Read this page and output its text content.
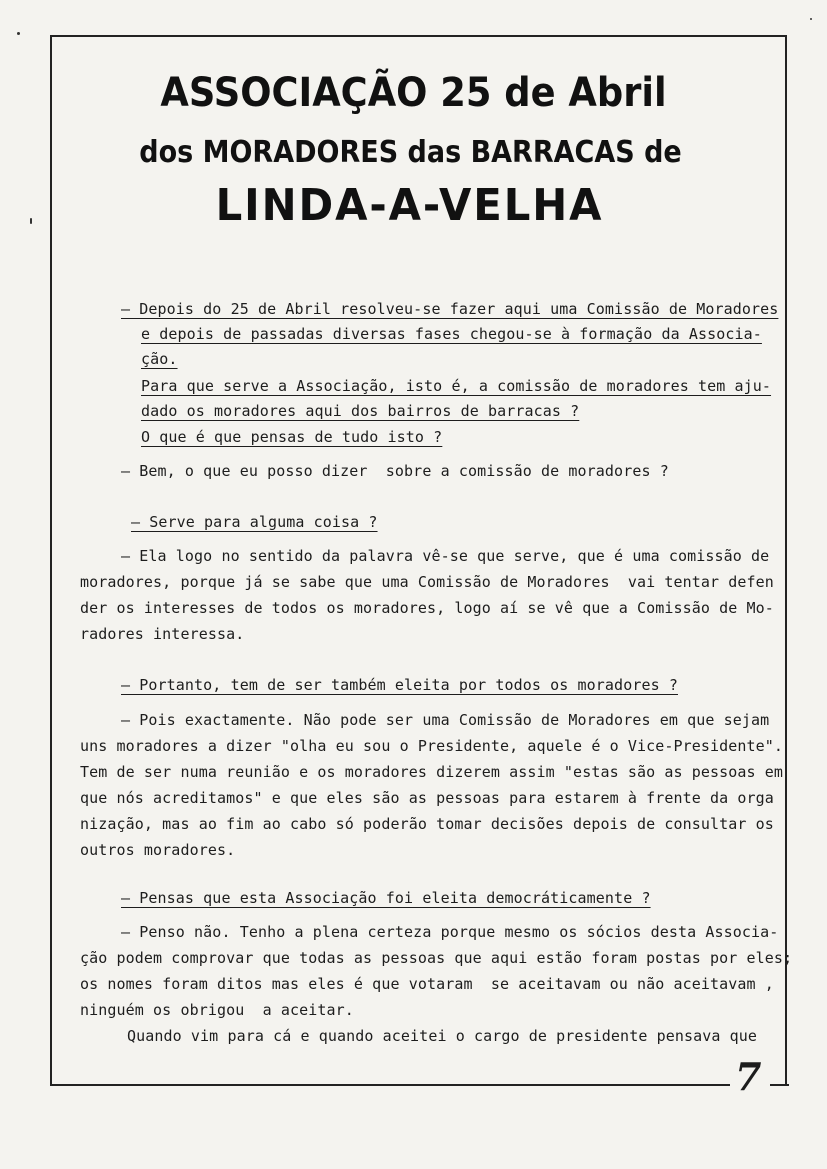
7
ASSOCIAÇÃO 25 de Abril
dos MORADORES das BARRACAS de
LINDA-A-VELHA
– Depois do 25 de Abril resolveu-se fazer aqui uma Comissão de Moradores
e depois de passadas diversas fases chegou-se à formação da Associa-
ção.
Para que serve a Associação, isto é, a comissão de moradores tem aju-
dado os moradores aqui dos bairros de barracas ?
O que é que pensas de tudo isto ?
– Bem, o que eu posso dizer  sobre a comissão de moradores ?
– Serve para alguma coisa ?
– Ela logo no sentido da palavra vê-se que serve, que é uma comissão de
moradores, porque já se sabe que uma Comissão de Moradores  vai tentar defen
der os interesses de todos os moradores, logo aí se vê que a Comissão de Mo-
radores interessa.
– Portanto, tem de ser também eleita por todos os moradores ?
– Pois exactamente. Não pode ser uma Comissão de Moradores em que sejam
uns moradores a dizer "olha eu sou o Presidente, aquele é o Vice-Presidente".
Tem de ser numa reunião e os moradores dizerem assim "estas são as pessoas em
que nós acreditamos" e que eles são as pessoas para estarem à frente da orga
nização, mas ao fim ao cabo só poderão tomar decisões depois de consultar os
outros moradores.
– Pensas que esta Associação foi eleita democráticamente ?
– Penso não. Tenho a plena certeza porque mesmo os sócios desta Associa-
ção podem comprovar que todas as pessoas que aqui estão foram postas por eles;
os nomes foram ditos mas eles é que votaram  se aceitavam ou não aceitavam ,
ninguém os obrigou  a aceitar.
Quando vim para cá e quando aceitei o cargo de presidente pensava que
